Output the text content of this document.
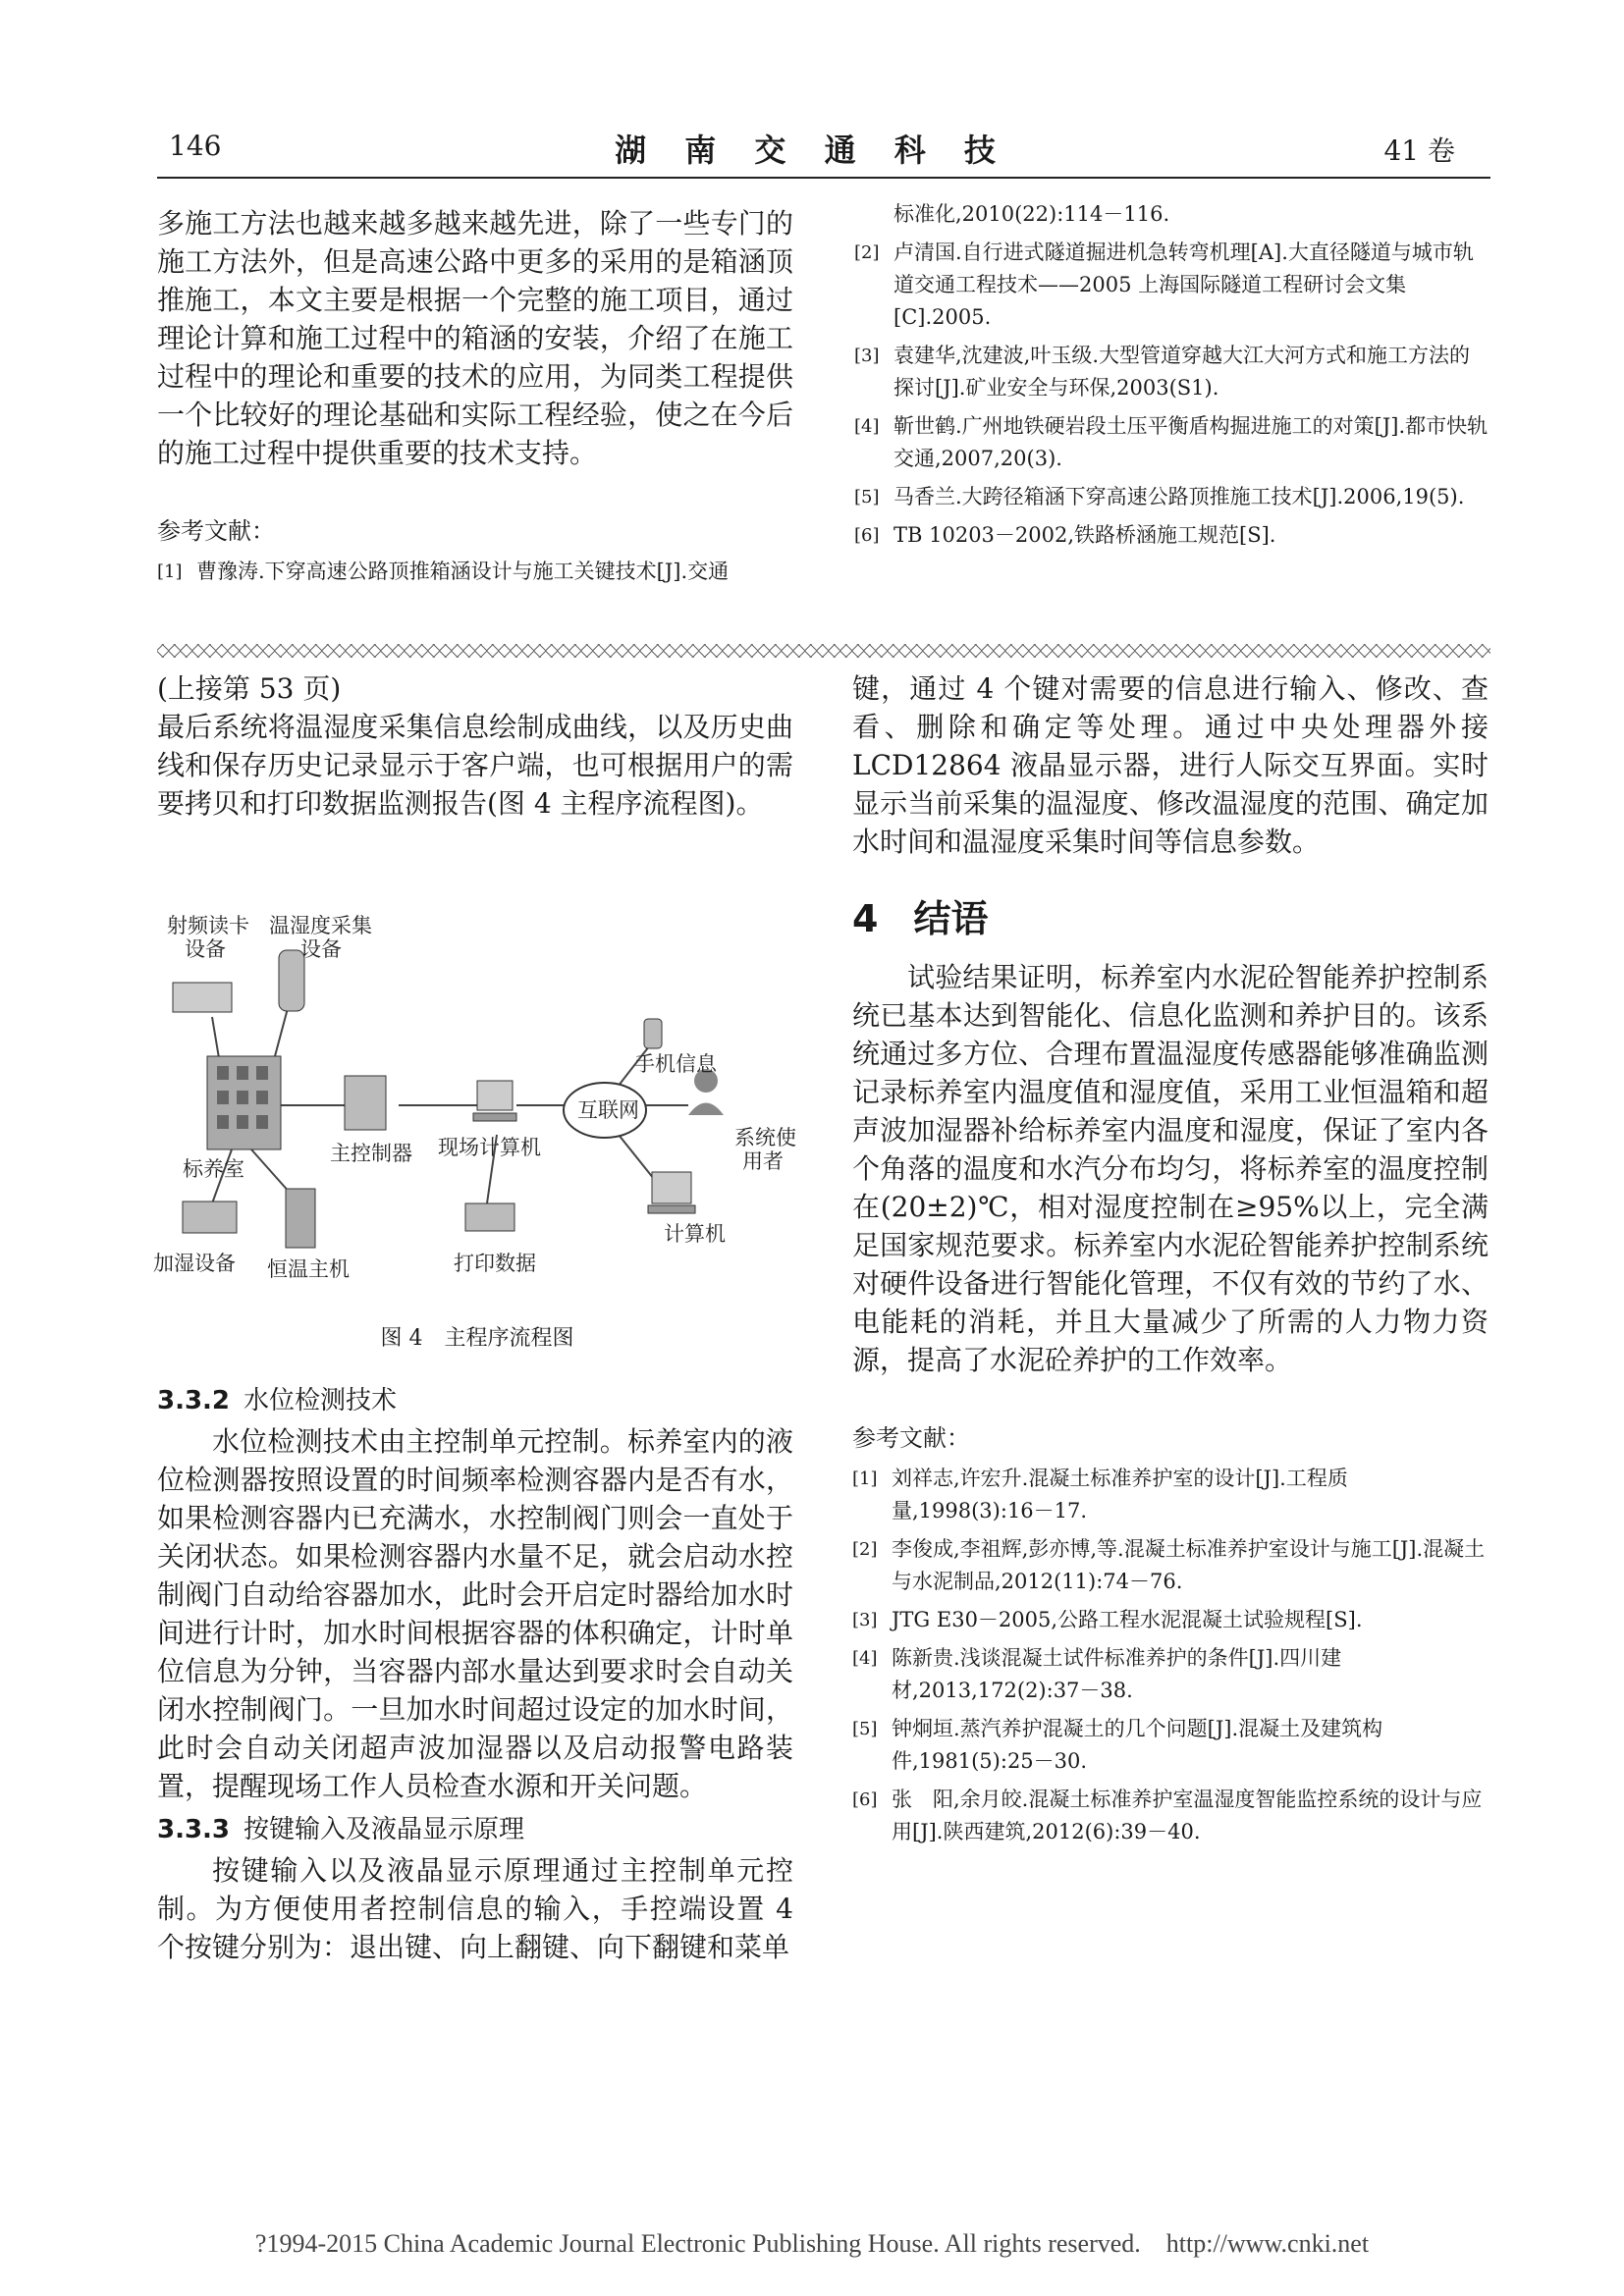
146	湖 南 交 通 科 技	41 卷

多施工方法也越来越多越来越先进，除了一些专门的施工方法外，但是高速公路中更多的采用的是箱涵顶推施工，本文主要是根据一个完整的施工项目，通过理论计算和施工过程中的箱涵的安装，介绍了在施工过程中的理论和重要的技术的应用，为同类工程提供一个比较好的理论基础和实际工程经验，使之在今后的施工过程中提供重要的技术支持。

参考文献：

[1] 曹豫涛.下穿高速公路顶推箱涵设计与施工关键技术[J].交通
标准化,2010(22):114－116.
[2] 卢清国.自行进式隧道掘进机急转弯机理[A].大直径隧道与城市轨道交通工程技术——2005 上海国际隧道工程研讨会文集[C].2005.
[3] 袁建华,沈建波,叶玉级.大型管道穿越大江大河方式和施工方法的探讨[J].矿业安全与环保,2003(S1).
[4] 靳世鹤.广州地铁硬岩段土压平衡盾构掘进施工的对策[J].都市快轨交通,2007,20(3).
[5] 马香兰.大跨径箱涵下穿高速公路顶推施工技术[J].2006,19(5).
[6] TB 10203－2002,铁路桥涵施工规范[S].

(上接第 53 页)

最后系统将温湿度采集信息绘制成曲线，以及历史曲线和保存历史记录显示于客户端，也可根据用户的需要拷贝和打印数据监测报告(图 4 主程序流程图)。

射频读卡
设备
温湿度采集
设备
标养室
主控制器 现场计算机
互联网
手机信息
系统使
用者
计算机
加湿设备 恒温主机	打印数据
图 4　主程序流程图
3.3.2 水位检测技术

水位检测技术由主控制单元控制。标养室内的液位检测器按照设置的时间频率检测容器内是否有水，如果检测容器内已充满水，水控制阀门则会一直处于关闭状态。如果检测容器内水量不足，就会启动水控制阀门自动给容器加水，此时会开启定时器给加水时间进行计时，加水时间根据容器的体积确定，计时单位信息为分钟，当容器内部水量达到要求时会自动关闭水控制阀门。一旦加水时间超过设定的加水时间，此时会自动关闭超声波加湿器以及启动报警电路装置，提醒现场工作人员检查水源和开关问题。

3.3.3 按键输入及液晶显示原理

按键输入以及液晶显示原理通过主控制单元控制。为方便使用者控制信息的输入，手控端设置 4 个按键分别为：退出键、向上翻键、向下翻键和菜单

键，通过 4 个键对需要的信息进行输入、修改、查看、删除和确定等处理。通过中央处理器外接 LCD12864 液晶显示器，进行人际交互界面。实时显示当前采集的温湿度、修改温湿度的范围、确定加水时间和温湿度采集时间等信息参数。

4 结语

试验结果证明，标养室内水泥砼智能养护控制系统已基本达到智能化、信息化监测和养护目的。该系统通过多方位、合理布置温湿度传感器能够准确监测记录标养室内温度值和湿度值，采用工业恒温箱和超声波加湿器补给标养室内温度和湿度，保证了室内各个角落的温度和水汽分布均匀，将标养室的温度控制在(20±2)℃，相对湿度控制在≥95%以上，完全满足国家规范要求。标养室内水泥砼智能养护控制系统对硬件设备进行智能化管理，不仅有效的节约了水、电能耗的消耗，并且大量减少了所需的人力物力资源，提高了水泥砼养护的工作效率。

参考文献：

[1] 刘祥志,许宏升.混凝土标准养护室的设计[J].工程质量,1998(3):16－17.
[2] 李俊成,李祖辉,彭亦博,等.混凝土标准养护室设计与施工[J].混凝土与水泥制品,2012(11):74－76.
[3] JTG E30－2005,公路工程水泥混凝土试验规程[S].
[4] 陈新贵.浅谈混凝土试件标准养护的条件[J].四川建材,2013,172(2):37－38.
[5] 钟炯垣.蒸汽养护混凝土的几个问题[J].混凝土及建筑构件,1981(5):25－30.
[6] 张　阳,余月皎.混凝土标准养护室温湿度智能监控系统的设计与应用[J].陕西建筑,2012(6):39－40.
?1994-2015 China Academic Journal Electronic Publishing House. All rights reserved.　http://www.cnki.net
